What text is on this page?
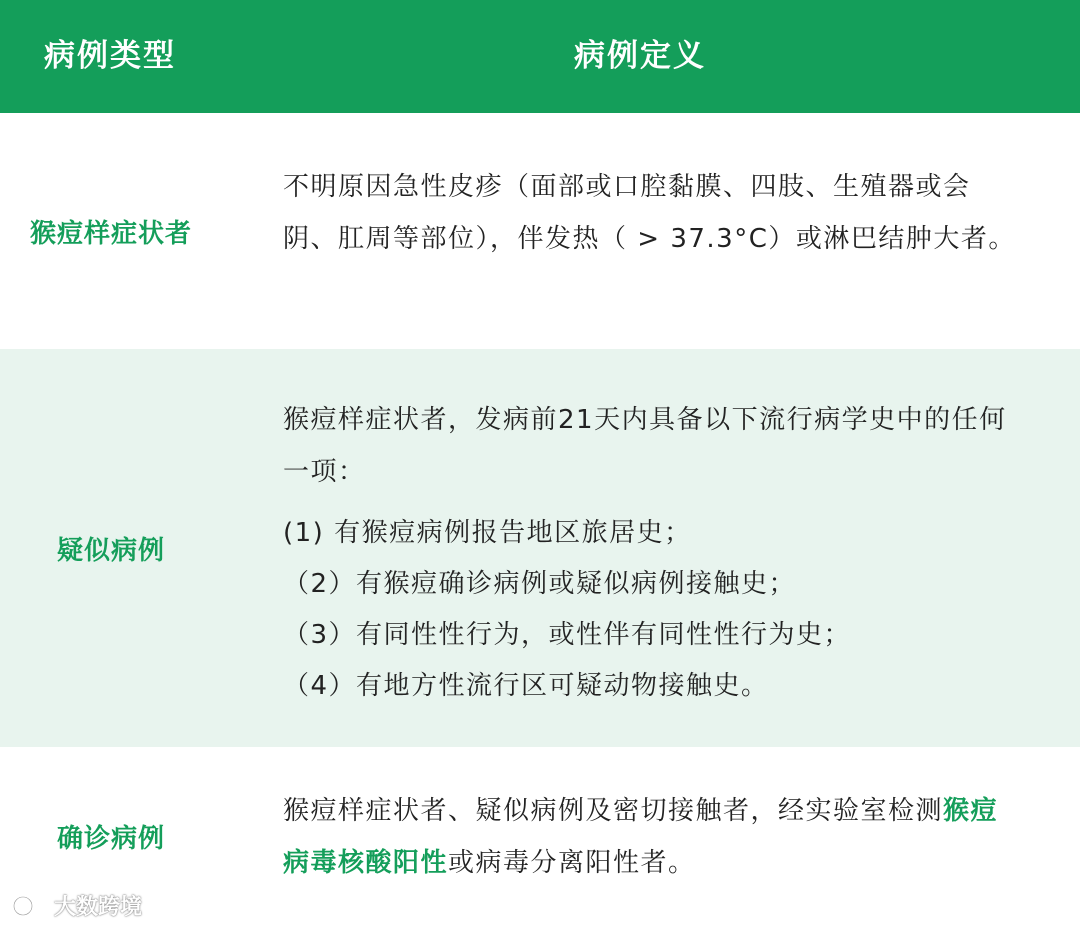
病例类型	病例定义
猴痘样症状者
不明原因急性皮疹（面部或口腔黏膜、四肢、生殖器或会阴、肛周等部位），伴发热（ > 37.3°C）或淋巴结肿大者。
疑似病例
猴痘样症状者，发病前21天内具备以下流行病学史中的任何一项：
(1) 有猴痘病例报告地区旅居史；
（2）有猴痘确诊病例或疑似病例接触史；
（3）有同性性行为，或性伴有同性性行为史；
（4）有地方性流行区可疑动物接触史。
确诊病例
猴痘样症状者、疑似病例及密切接触者，经实验室检测猴痘病毒核酸阳性或病毒分离阳性者。
大数跨境
